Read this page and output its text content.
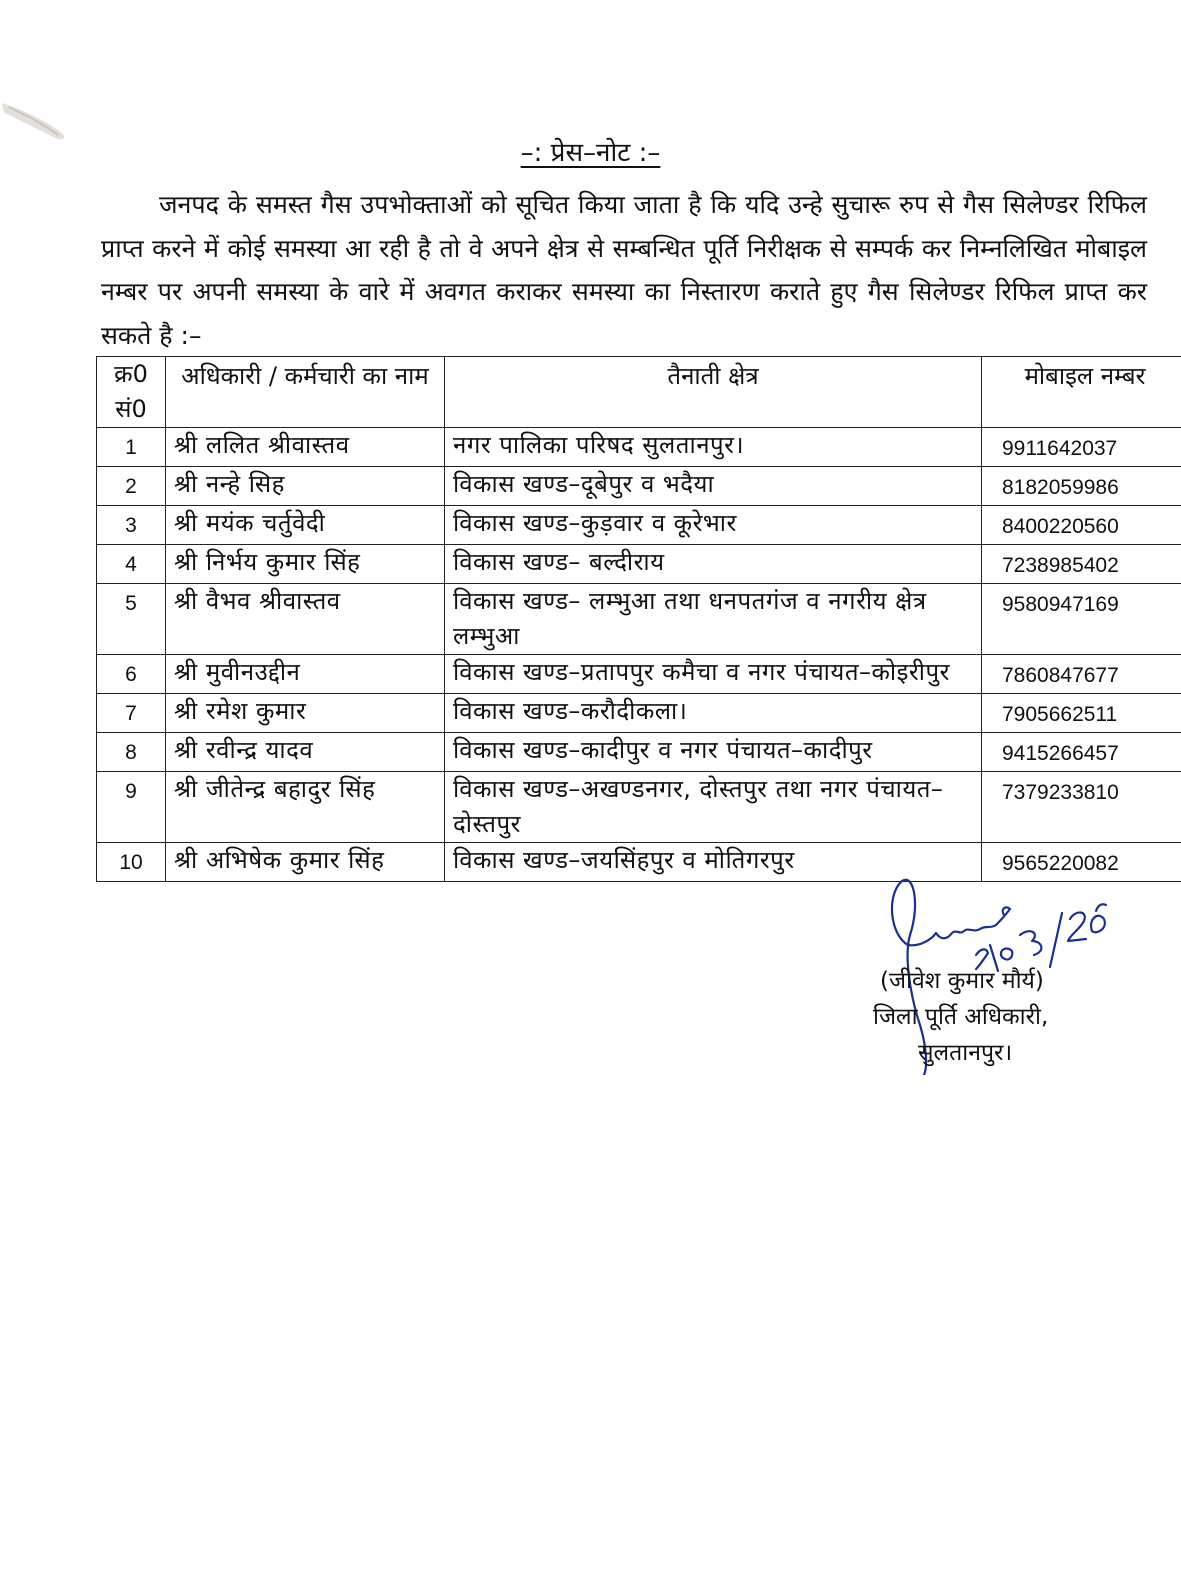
–: प्रेस–नोट :–

जनपद के समस्त गैस उपभोक्ताओं को सूचित किया जाता है कि यदि उन्हे सुचारू रुप से गैस सिलेण्डर रिफिल प्राप्त करने में कोई समस्या आ रही है तो वे अपने क्षेत्र से सम्बन्धित पूर्ति निरीक्षक से सम्पर्क कर निम्नलिखित मोबाइल नम्बर पर अपनी समस्या के वारे में अवगत कराकर समस्या का निस्तारण कराते हुए गैस सिलेण्डर रिफिल प्राप्त कर सकते है :–

क्र0 सं0	अधिकारी / कर्मचारी का नाम	तैनाती क्षेत्र	मोबाइल नम्बर
1	श्री ललित श्रीवास्तव	नगर पालिका परिषद सुलतानपुर।	9911642037
2	श्री नन्हे सिह	विकास खण्ड–दूबेपुर व भदैया	8182059986
3	श्री मयंक चर्तुवेदी	विकास खण्ड–कुड़वार व कूरेभार	8400220560
4	श्री निर्भय कुमार सिंह	विकास खण्ड– बल्दीराय	7238985402
5	श्री वैभव श्रीवास्तव	विकास खण्ड– लम्भुआ तथा धनपतगंज व नगरीय क्षेत्र लम्भुआ	9580947169
6	श्री मुवीनउद्दीन	विकास खण्ड–प्रतापपुर कमैचा व नगर पंचायत–कोइरीपुर	7860847677
7	श्री रमेश कुमार	विकास खण्ड–करौदीकला।	7905662511
8	श्री रवीन्द्र यादव	विकास खण्ड–कादीपुर व नगर पंचायत–कादीपुर	9415266457
9	श्री जीतेन्द्र बहादुर सिंह	विकास खण्ड–अखण्डनगर, दोस्तपुर तथा नगर पंचायत–दोस्तपुर	7379233810
10	श्री अभिषेक कुमार सिंह	विकास खण्ड–जयसिंहपुर व मोतिगरपुर	9565220082
(जीवेश कुमार मौर्य)
जिला पूर्ति अधिकारी,
सुलतानपुर।
